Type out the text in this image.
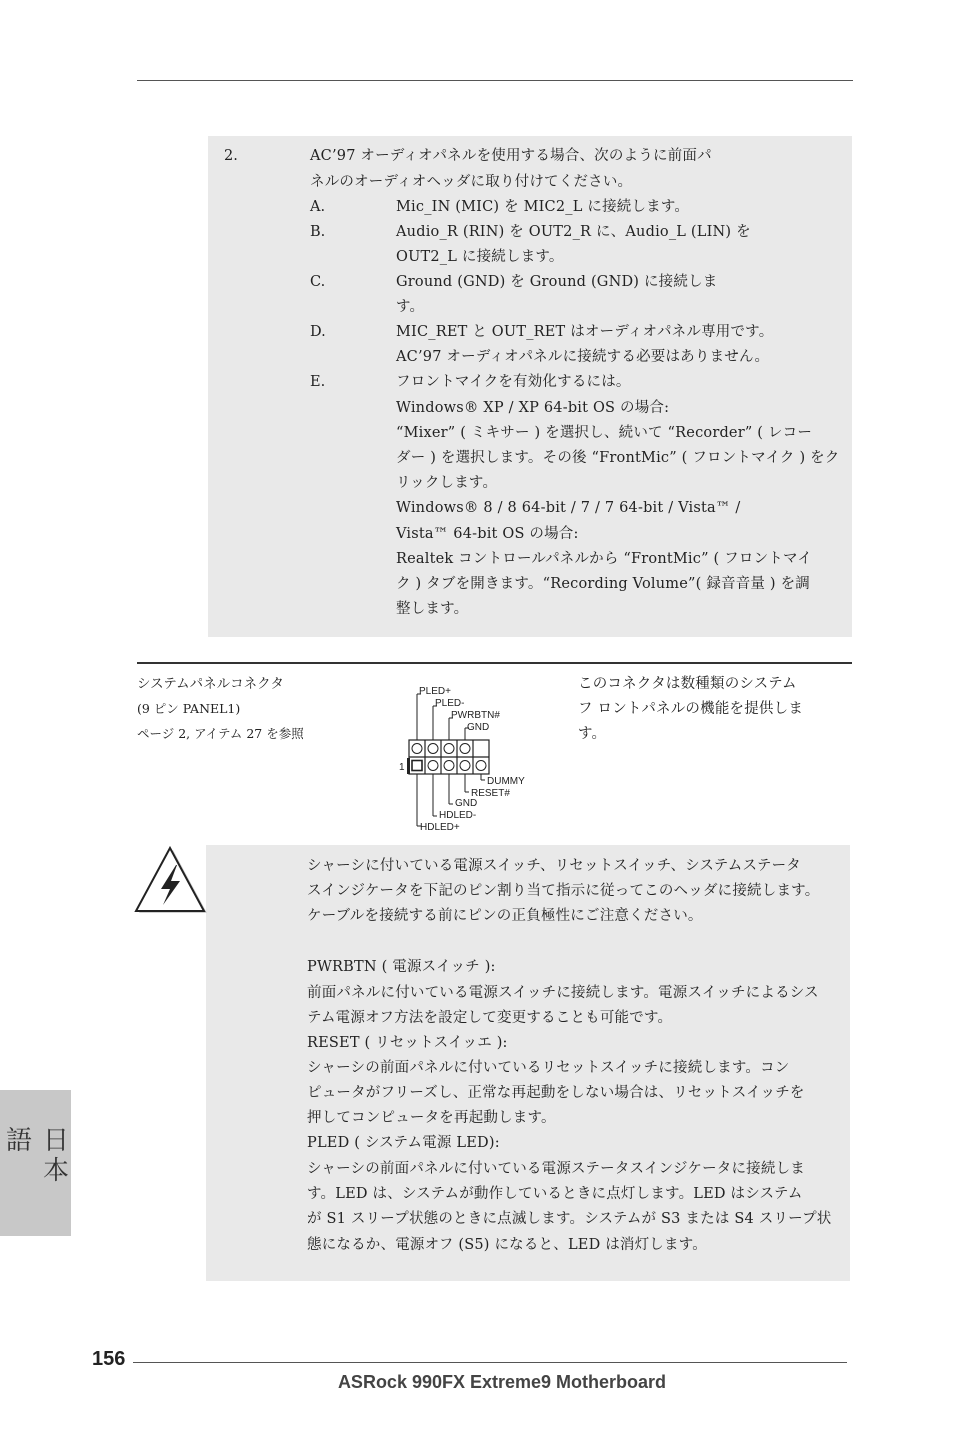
2.	AC’97 オーディオパネルを使用する場合、次のように前面パ
ネルのオーディオヘッダに取り付けてください。
A.	Mic_IN (MIC) を MIC2_L に接続します。
B.	Audio_R (RIN) を OUT2_R に、Audio_L (LIN) を
OUT2_L に接続します。
C.	Ground (GND) を Ground (GND) に接続しま
す。
D.	MIC_RET と OUT_RET はオーディオパネル専用です。
AC’97 オーディオパネルに接続する必要はありません。
E.	フロントマイクを有効化するには。
Windows® XP / XP 64-bit OS の場合:
“Mixer” ( ミキサー ) を選択し、続いて “Recorder” ( レコー
ダー ) を選択します。その後 “FrontMic” ( フロントマイク ) をク
リックします。
Windows® 8 / 8 64-bit / 7 / 7 64-bit / Vista™ /
Vista™ 64-bit OS の場合:
Realtek コントロールパネルから “FrontMic” ( フロントマイ
ク ) タブを開きます。“Recording Volume”( 録音音量 ) を調
整します。
システムパネルコネクタ
(9 ピン PANEL1)
ページ 2, アイテム 27 を参照
1
PLED+
PLED-
PWRBTN#
GND
DUMMY
RESET#
GND
HDLED-
HDLED+
このコネクタは数種類のシステム
フ ロントパネルの機能を提供しま
す。
シャーシに付いている電源スイッチ、リセットスイッチ、システムステータ
スインジケータを下記のピン割り当て指示に従ってこのヘッダに接続します。
ケーブルを接続する前にピンの正負極性にご注意ください。
PWRBTN ( 電源スイッチ ):
前面パネルに付いている電源スイッチに接続します。電源スイッチによるシス
テム電源オフ方法を設定して変更することも可能です。
RESET ( リセットスイッエ ):
シャーシの前面パネルに付いているリセットスイッチに接続します。コン
ピュータがフリーズし、正常な再起動をしない場合は、リセットスイッチを
押してコンピュータを再起動します。
PLED ( システム電源 LED):
シャーシの前面パネルに付いている電源ステータスインジケータに接続しま
す。LED は、システムが動作しているときに点灯します。LED はシステム
が S1 スリープ状態のときに点滅します。システムが S3 または S4 スリープ状
態になるか、電源オフ (S5) になると、LED は消灯します。
日本語
156
ASRock 990FX Extreme9 Motherboard
